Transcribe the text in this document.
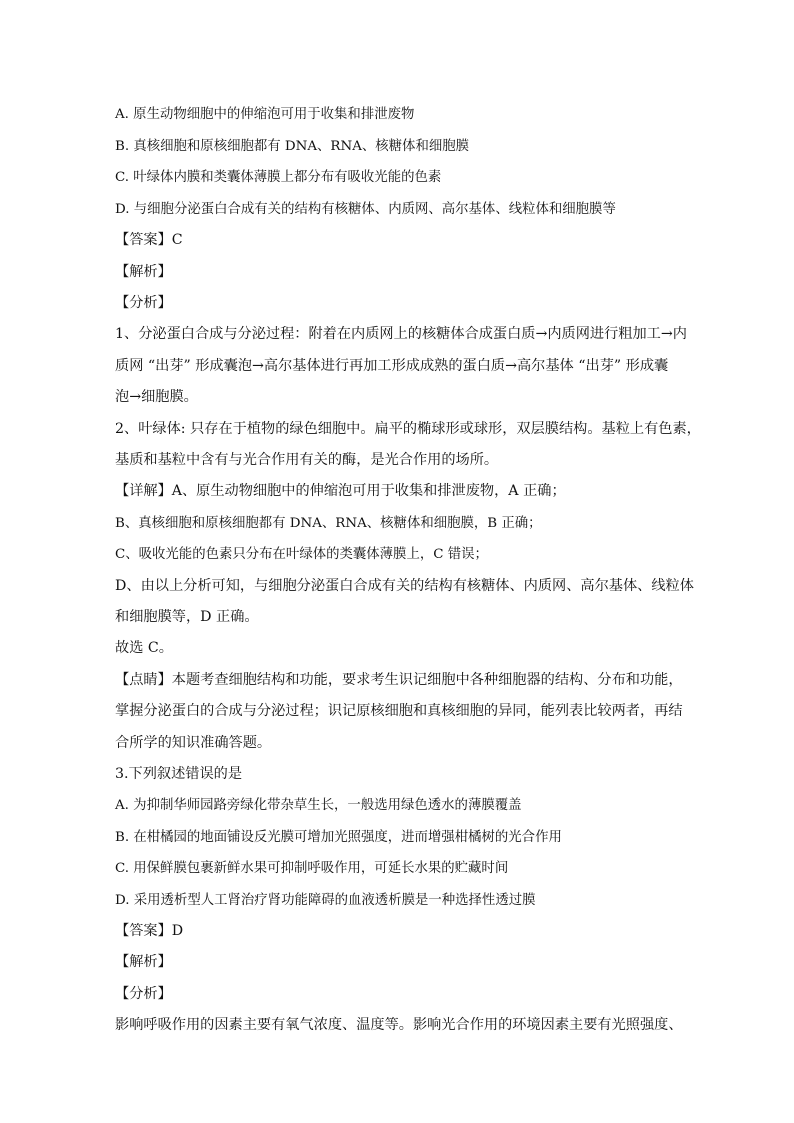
A. 原生动物细胞中的伸缩泡可用于收集和排泄废物
B. 真核细胞和原核细胞都有 DNA、RNA、核糖体和细胞膜
C. 叶绿体内膜和类囊体薄膜上都分布有吸收光能的色素
D. 与细胞分泌蛋白合成有关的结构有核糖体、内质网、高尔基体、线粒体和细胞膜等
【答案】C
【解析】
【分析】
1、分泌蛋白合成与分泌过程：附着在内质网上的核糖体合成蛋白质→内质网进行粗加工→内
质网 “出芽” 形成囊泡→高尔基体进行再加工形成成熟的蛋白质→高尔基体 “出芽” 形成囊
泡→细胞膜。
2、叶绿体: 只存在于植物的绿色细胞中。扁平的椭球形或球形，双层膜结构。基粒上有色素，
基质和基粒中含有与光合作用有关的酶，是光合作用的场所。
【详解】A、原生动物细胞中的伸缩泡可用于收集和排泄废物，A 正确；
B、真核细胞和原核细胞都有 DNA、RNA、核糖体和细胞膜，B 正确；
C、吸收光能的色素只分布在叶绿体的类囊体薄膜上，C 错误；
D、由以上分析可知，与细胞分泌蛋白合成有关的结构有核糖体、内质网、高尔基体、线粒体
和细胞膜等，D 正确。
故选 C。
【点睛】本题考查细胞结构和功能，要求考生识记细胞中各种细胞器的结构、分布和功能，
掌握分泌蛋白的合成与分泌过程；识记原核细胞和真核细胞的异同，能列表比较两者，再结
合所学的知识准确答题。
3.下列叙述错误的是
A. 为抑制华师园路旁绿化带杂草生长，一般选用绿色透水的薄膜覆盖
B. 在柑橘园的地面铺设反光膜可增加光照强度，进而增强柑橘树的光合作用
C. 用保鲜膜包裹新鲜水果可抑制呼吸作用，可延长水果的贮藏时间
D. 采用透析型人工肾治疗肾功能障碍的血液透析膜是一种选择性透过膜
【答案】D
【解析】
【分析】
影响呼吸作用的因素主要有氧气浓度、温度等。影响光合作用的环境因素主要有光照强度、
